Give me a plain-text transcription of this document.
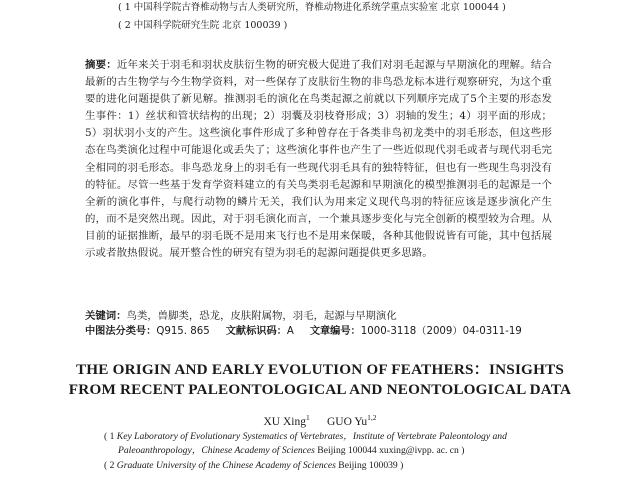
( 1 中国科学院古脊椎动物与古人类研究所，脊椎动物进化系统学重点实验室 北京 100044 )
( 2 中国科学院研究生院 北京 100039 )
摘要：近年来关于羽毛和羽状皮肤衍生物的研究极大促进了我们对羽毛起源与早期演化的理解。结合最新的古生物学与今生物学资料，对一些保存了皮肤衍生物的非鸟恐龙标本进行观察研究，为这个重要的进化问题提供了新见解。推测羽毛的演化在鸟类起源之前就以下列顺序完成了5个主要的形态发生事件：1）丝状和管状结构的出现；2）羽囊及羽枝脊形成；3）羽轴的发生；4）羽平面的形成；5）羽状羽小支的产生。这些演化事件形成了多种曾存在于各类非鸟初龙类中的羽毛形态，但这些形态在鸟类演化过程中可能退化或丢失了；这些演化事件也产生了一些近似现代羽毛或者与现代羽毛完全相同的羽毛形态。非鸟恐龙身上的羽毛有一些现代羽毛具有的独特特征，但也有一些现生鸟羽没有的特征。尽管一些基于发育学资料建立的有关鸟类羽毛起源和早期演化的模型推测羽毛的起源是一个全新的演化事件，与爬行动物的鳞片无关，我们认为用来定义现代鸟羽的特征应该是逐步演化产生的，而不是突然出现。因此，对于羽毛演化而言，一个兼具逐步变化与完全创新的模型较为合理。从目前的证据推断，最早的羽毛既不是用来飞行也不是用来保暖，各种其他假说皆有可能，其中包括展示或者散热假说。展开整合性的研究有望为羽毛的起源问题提供更多思路。
关键词：鸟类，兽脚类，恐龙，皮肤附属物，羽毛，起源与早期演化
中图法分类号：Q915. 865 文献标识码：A 文章编号：1000-3118（2009）04-0311-19
THE ORIGIN AND EARLY EVOLUTION OF FEATHERS：INSIGHTS
FROM RECENT PALEONTOLOGICAL AND NEONTOLOGICAL DATA
XU Xing$^1$ GUO Yu$^{1,2}$
( 1 Key Laboratory of Evolutionary Systematics of Vertebrates，Institute of Vertebrate Paleontology and
Paleoanthropology，Chinese Academy of Sciences Beijing 100044 xuxing@ivpp. ac. cn )
( 2 Graduate University of the Chinese Academy of Sciences Beijing 100039 )
